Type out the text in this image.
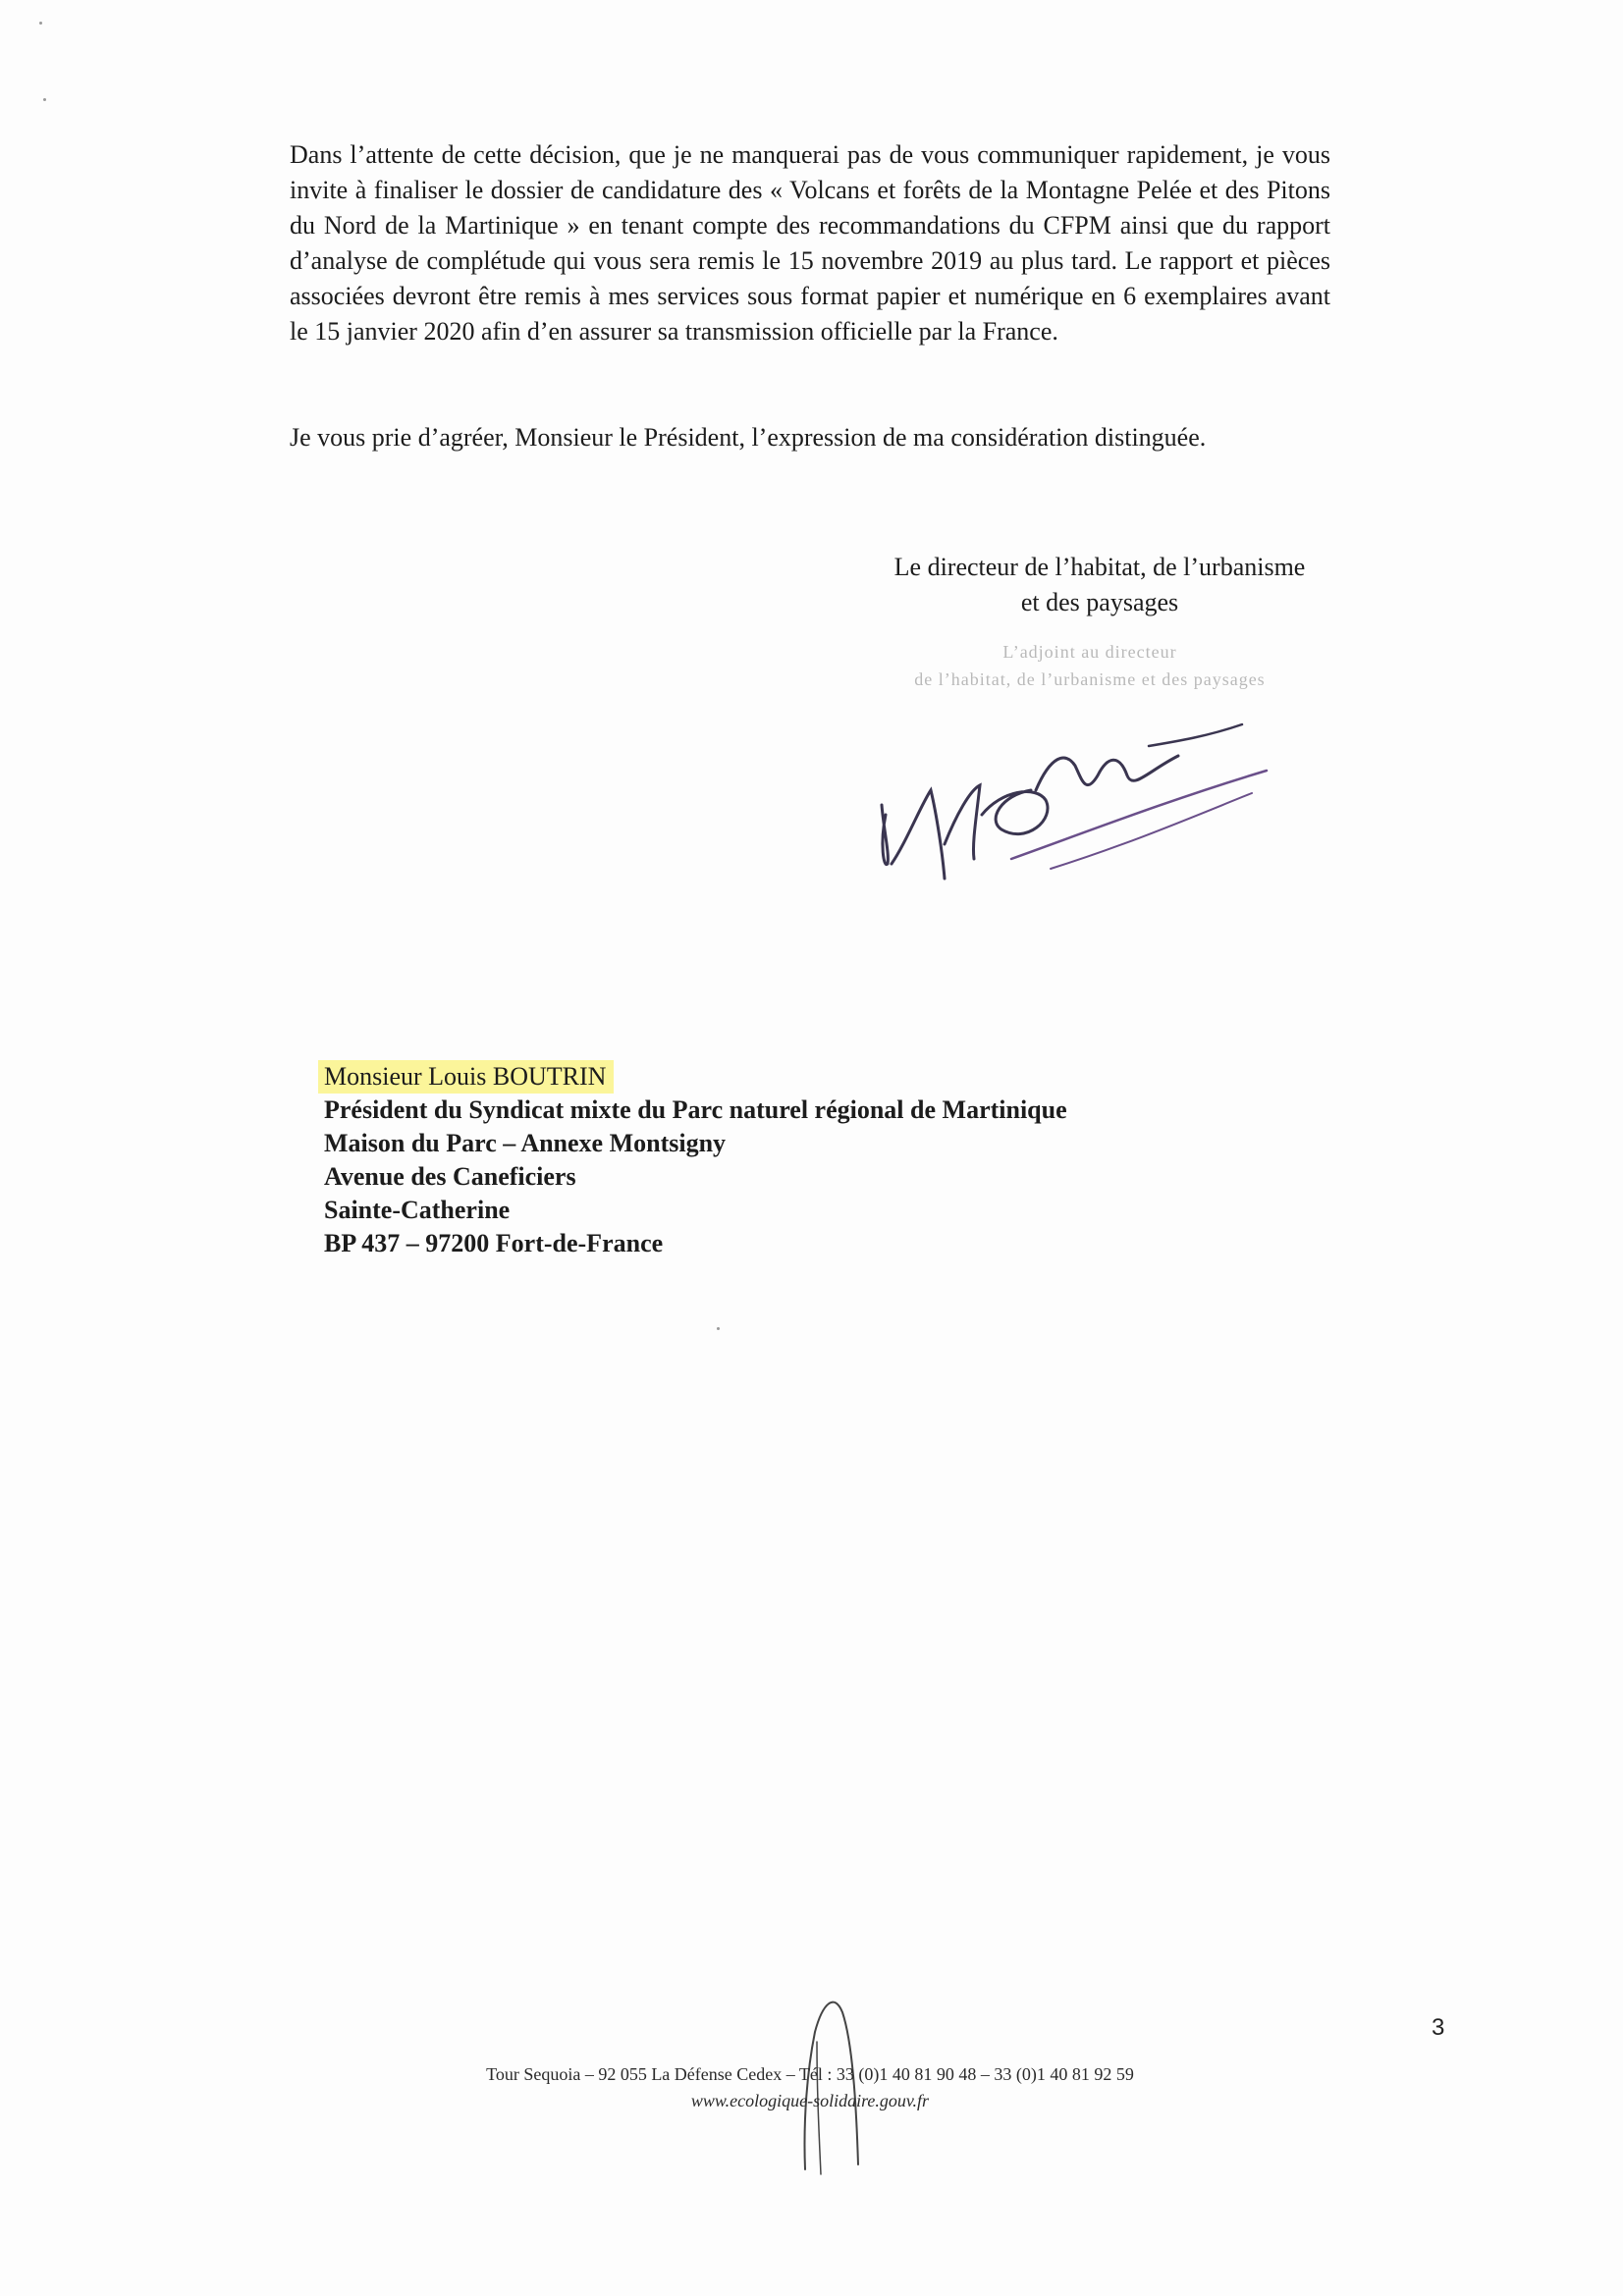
Dans l’attente de cette décision, que je ne manquerai pas de vous communiquer rapidement, je vous invite à finaliser le dossier de candidature des « Volcans et forêts de la Montagne Pelée et des Pitons du Nord de la Martinique » en tenant compte des recommandations du CFPM ainsi que du rapport d’analyse de complétude qui vous sera remis le 15 novembre 2019 au plus tard. Le rapport et pièces associées devront être remis à mes services sous format papier et numérique en 6 exemplaires avant le 15 janvier 2020 afin d’en assurer sa transmission officielle par la France.

Je vous prie d’agréer, Monsieur le Président, l’expression de ma considération distinguée.

Le directeur de l’habitat, de l’urbanisme
et des paysages
L’adjoint au directeur
de l’habitat, de l’urbanisme et des paysages
Monsieur Louis BOUTRIN
Président du Syndicat mixte du Parc naturel régional de Martinique
Maison du Parc – Annexe Montsigny
Avenue des Caneficiers
Sainte-Catherine
BP 437 – 97200 Fort-de-France
3
Tour Sequoia – 92 055 La Défense Cedex – Tél : 33 (0)1 40 81 90 48 – 33 (0)1 40 81 92 59
www.ecologique-solidaire.gouv.fr
